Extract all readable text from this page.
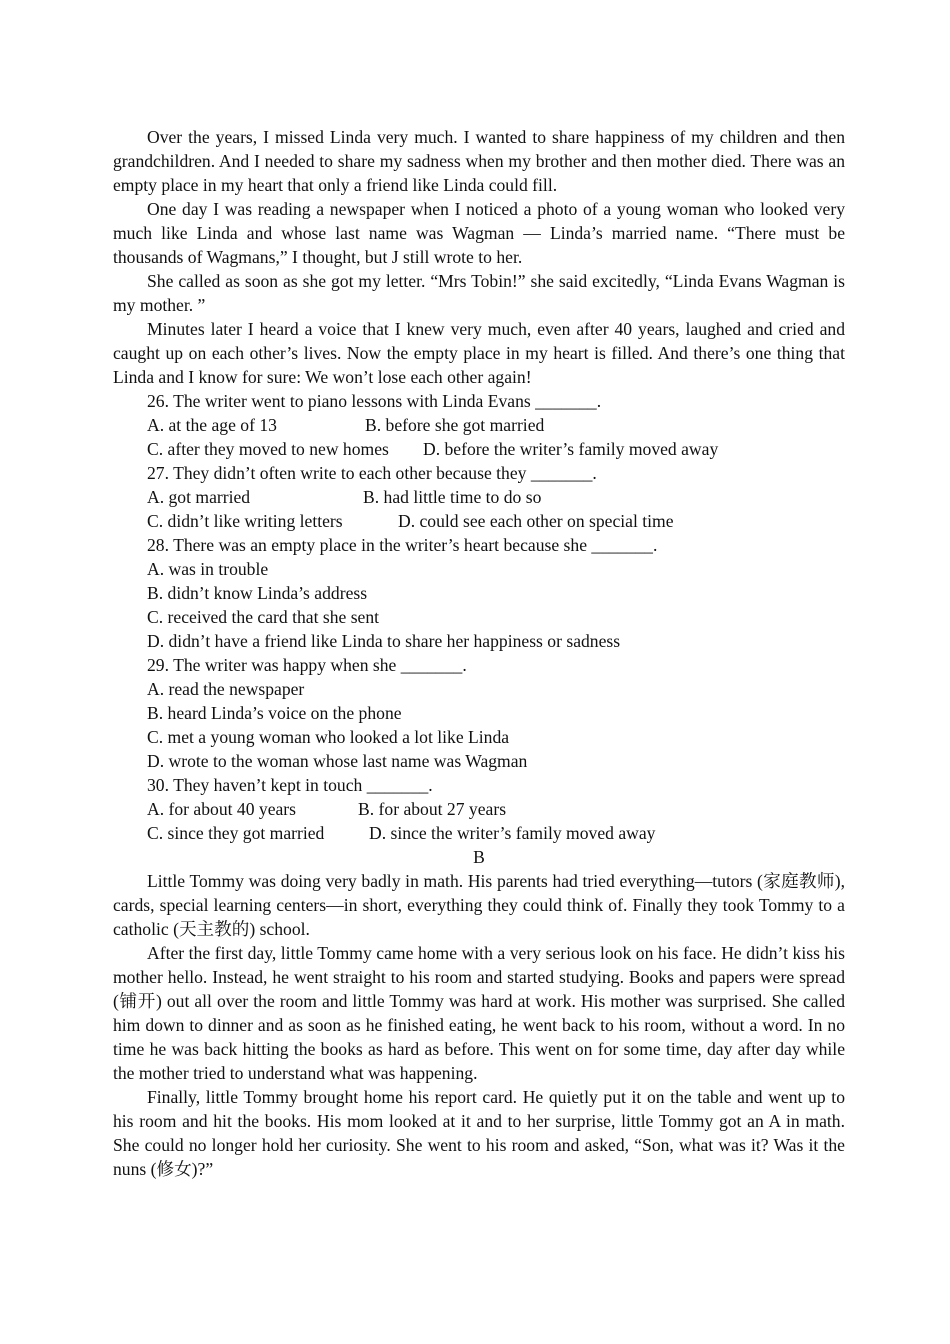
Over the years, I missed Linda very much. I wanted to share happiness of my children and then grandchildren. And I needed to share my sadness when my brother and then mother died. There was an empty place in my heart that only a friend like Linda could fill.

One day I was reading a newspaper when I noticed a photo of a young woman who looked very much like Linda and whose last name was Wagman — Linda’s married name. “There must be thousands of Wagmans,” I thought, but J still wrote to her.

She called as soon as she got my letter. “Mrs Tobin!” she said excitedly, “Linda Evans Wagman is my mother. ”

Minutes later I heard a voice that I knew very much, even after 40 years, laughed and cried and caught up on each other’s lives. Now the empty place in my heart is filled. And there’s one thing that Linda and I know for sure: We won’t lose each other again!

26. The writer went to piano lessons with Linda Evans _______.

A. at the age of 13	B. before she got married

C. after they moved to new homes D. before the writer’s family moved away

27. They didn’t often write to each other because they _______.

A. got married	B. had little time to do so

C. didn’t like writing letters	D. could see each other on special time

28. There was an empty place in the writer’s heart because she _______.

A. was in trouble

B. didn’t know Linda’s address

C. received the card that she sent

D. didn’t have a friend like Linda to share her happiness or sadness

29. The writer was happy when she _______.

A. read the newspaper

B. heard Linda’s voice on the phone

C. met a young woman who looked a lot like Linda

D. wrote to the woman whose last name was Wagman

30. They haven’t kept in touch _______.

A. for about 40 years	B. for about 27 years

C. since they got married	D. since the writer’s family moved away

B

Little Tommy was doing very badly in math. His parents had tried everything—tutors (家庭教师), cards, special learning centers—in short, everything they could think of. Finally they took Tommy to a catholic (天主教的) school.

After the first day, little Tommy came home with a very serious look on his face. He didn’t kiss his mother hello. Instead, he went straight to his room and started studying. Books and papers were spread (铺开) out all over the room and little Tommy was hard at work. His mother was surprised. She called him down to dinner and as soon as he finished eating, he went back to his room, without a word. In no time he was back hitting the books as hard as before. This went on for some time, day after day while the mother tried to understand what was happening.

Finally, little Tommy brought home his report card. He quietly put it on the table and went up to his room and hit the books. His mom looked at it and to her surprise, little Tommy got an A in math. She could no longer hold her curiosity. She went to his room and asked, “Son, what was it? Was it the nuns (修女)?”
